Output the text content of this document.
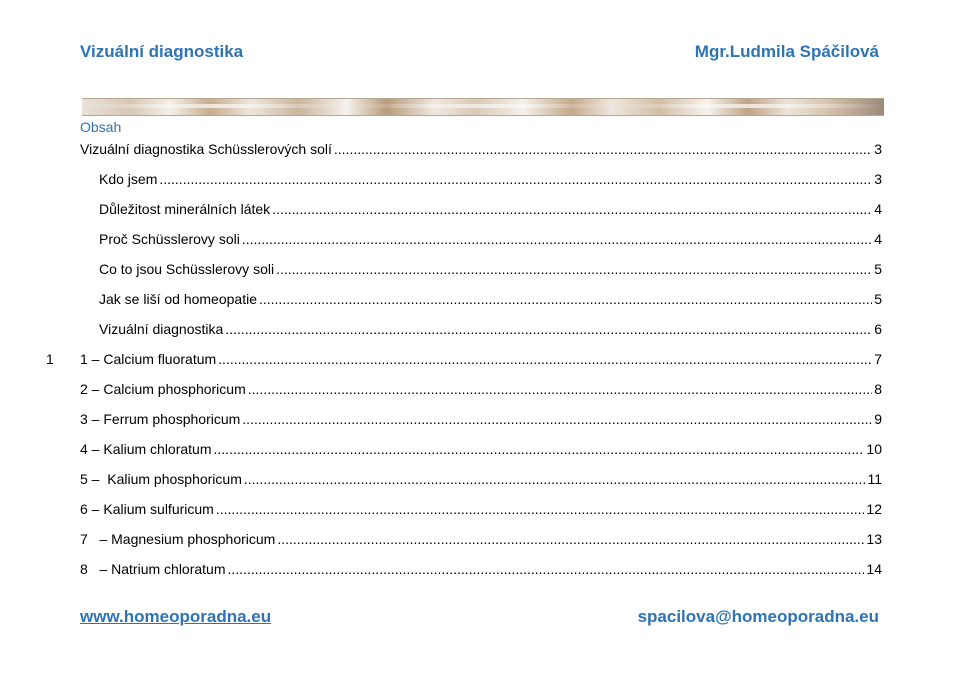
Vizuální diagnostika	Mgr.Ludmila Spáčilová
Obsah
1
Vizuální diagnostika Schüsslerových solí .....	3
Kdo jsem .....	3
Důležitost minerálních látek .....	4
Proč Schüsslerovy soli .....	4
Co to jsou Schüsslerovy soli .....	5
Jak se liší od homeopatie .....	5
Vizuální diagnostika .....	6
1 – Calcium fluoratum .....	7
2 – Calcium phosphoricum .....	8
3 – Ferrum phosphoricum .....	9
4 – Kalium chloratum .....	10
5 –  Kalium phosphoricum .....	11
6 – Kalium sulfuricum .....	12
7   – Magnesium phosphoricum .....	13
8   – Natrium chloratum .....	14
www.homeoporadna.eu	spacilova@homeoporadna.eu
